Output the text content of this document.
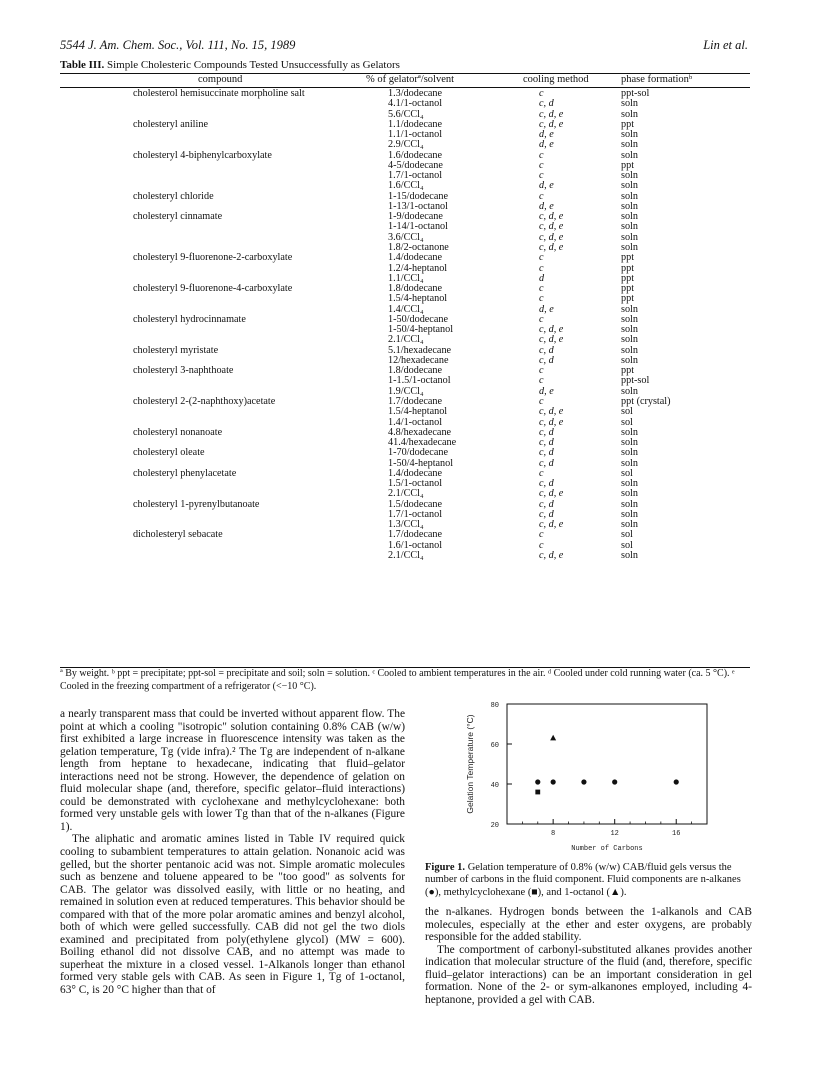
5544 J. Am. Chem. Soc., Vol. 111, No. 15, 1989	Lin et al.
Table III. Simple Cholesteric Compounds Tested Unsuccessfully as Gelators
compound	% of gelatorª/solvent	cooling method	phase formationᵇ
cholesterol hemisuccinate morpholine salt	1.3/dodecane	c	ppt-sol
4.1/1-octanol	c, d	soln
5.6/CCl₄	c, d, e	soln
cholesteryl aniline	1.1/dodecane	c, d, e	ppt
1.1/1-octanol	d, e	soln
2.9/CCl₄	d, e	soln
cholesteryl 4-biphenylcarboxylate	1.6/dodecane	c	soln
4-5/dodecane	c	ppt
1.7/1-octanol	c	soln
1.6/CCl₄	d, e	soln
cholesteryl chloride	1-15/dodecane	c	soln
1-13/1-octanol	d, e	soln
cholesteryl cinnamate	1-9/dodecane	c, d, e	soln
1-14/1-octanol	c, d, e	soln
3.6/CCl₄	c, d, e	soln
1.8/2-octanone	c, d, e	soln
cholesteryl 9-fluorenone-2-carboxylate	1.4/dodecane	c	ppt
1.2/4-heptanol	c	ppt
1.1/CCl₄	d	ppt
cholesteryl 9-fluorenone-4-carboxylate	1.8/dodecane	c	ppt
1.5/4-heptanol	c	ppt
1.4/CCl₄	d, e	soln
cholesteryl hydrocinnamate	1-50/dodecane	c	soln
1-50/4-heptanol	c, d, e	soln
2.1/CCl₄	c, d, e	soln
cholesteryl myristate	5.1/hexadecane	c, d	soln
12/hexadecane	c, d	soln
cholesteryl 3-naphthoate	1.8/dodecane	c	ppt
1-1.5/1-octanol	c	ppt-sol
1.9/CCl₄	d, e	soln
cholesteryl 2-(2-naphthoxy)acetate	1.7/dodecane	c	ppt (crystal)
1.5/4-heptanol	c, d, e	sol
1.4/1-octanol	c, d, e	sol
cholesteryl nonanoate	4.8/hexadecane	c, d	soln
41.4/hexadecane	c, d	soln
cholesteryl oleate	1-70/dodecane	c, d	soln
1-50/4-heptanol	c, d	soln
cholesteryl phenylacetate	1.4/dodecane	c	sol
1.5/1-octanol	c, d	soln
2.1/CCl₄	c, d, e	soln
cholesteryl 1-pyrenylbutanoate	1.5/dodecane	c, d	soln
1.7/1-octanol	c, d	soln
1.3/CCl₄	c, d, e	soln
dicholesteryl sebacate	1.7/dodecane	c	sol
1.6/1-octanol	c	sol
2.1/CCl₄	c, d, e	soln
ª By weight. ᵇ ppt = precipitate; ppt-sol = precipitate and soil; soln = solution. ᶜ Cooled to ambient temperatures in the air. ᵈ Cooled under cold running water (ca. 5 °C). ᵉ Cooled in the freezing compartment of a refrigerator (<−10 °C).

a nearly transparent mass that could be inverted without apparent flow. The point at which a cooling "isotropic" solution containing 0.8% CAB (w/w) first exhibited a large increase in fluorescence intensity was taken as the gelation temperature, Tg (vide infra).² The Tg are independent of n-alkane length from heptane to hexadecane, indicating that fluid–gelator interactions need not be strong. However, the dependence of gelation on fluid molecular shape (and, therefore, specific gelator–fluid interactions) could be demonstrated with cyclohexane and methylcyclohexane: both formed very unstable gels with lower Tg than that of the n-alkanes (Figure 1).

The aliphatic and aromatic amines listed in Table IV required quick cooling to subambient temperatures to attain gelation. Nonanoic acid was gelled, but the shorter pentanoic acid was not. Simple aromatic molecules such as benzene and toluene appeared to be "too good" as solvents for CAB. The gelator was dissolved easily, with little or no heating, and remained in solution even at reduced temperatures. This behavior should be compared with that of the more polar aromatic amines and benzyl alcohol, both of which were gelled successfully. CAB did not gel the two diols examined and precipitated from poly(ethylene glycol) (MW = 600). Boiling ethanol did not dissolve CAB, and no attempt was made to superheat the mixture in a closed vessel. 1-Alkanols longer than ethanol formed very stable gels with CAB. As seen in Figure 1, Tg of 1-octanol, 63° C, is 20 °C higher than that of

Gelation Temperature (°C)
Number of Carbons
20
40
60
80
8	12	16
Figure 1. Gelation temperature of 0.8% (w/w) CAB/fluid gels versus the number of carbons in the fluid component. Fluid components are n-alkanes (●), methylcyclohexane (■), and 1-octanol (▲).

the n-alkanes. Hydrogen bonds between the 1-alkanols and CAB molecules, especially at the ether and ester oxygens, are probably responsible for the added stability.

The comportment of carbonyl-substituted alkanes provides another indication that molecular structure of the fluid (and, therefore, specific fluid–gelator interactions) can be an important consideration in gel formation. None of the 2- or sym-alkanones employed, including 4-heptanone, provided a gel with CAB.
